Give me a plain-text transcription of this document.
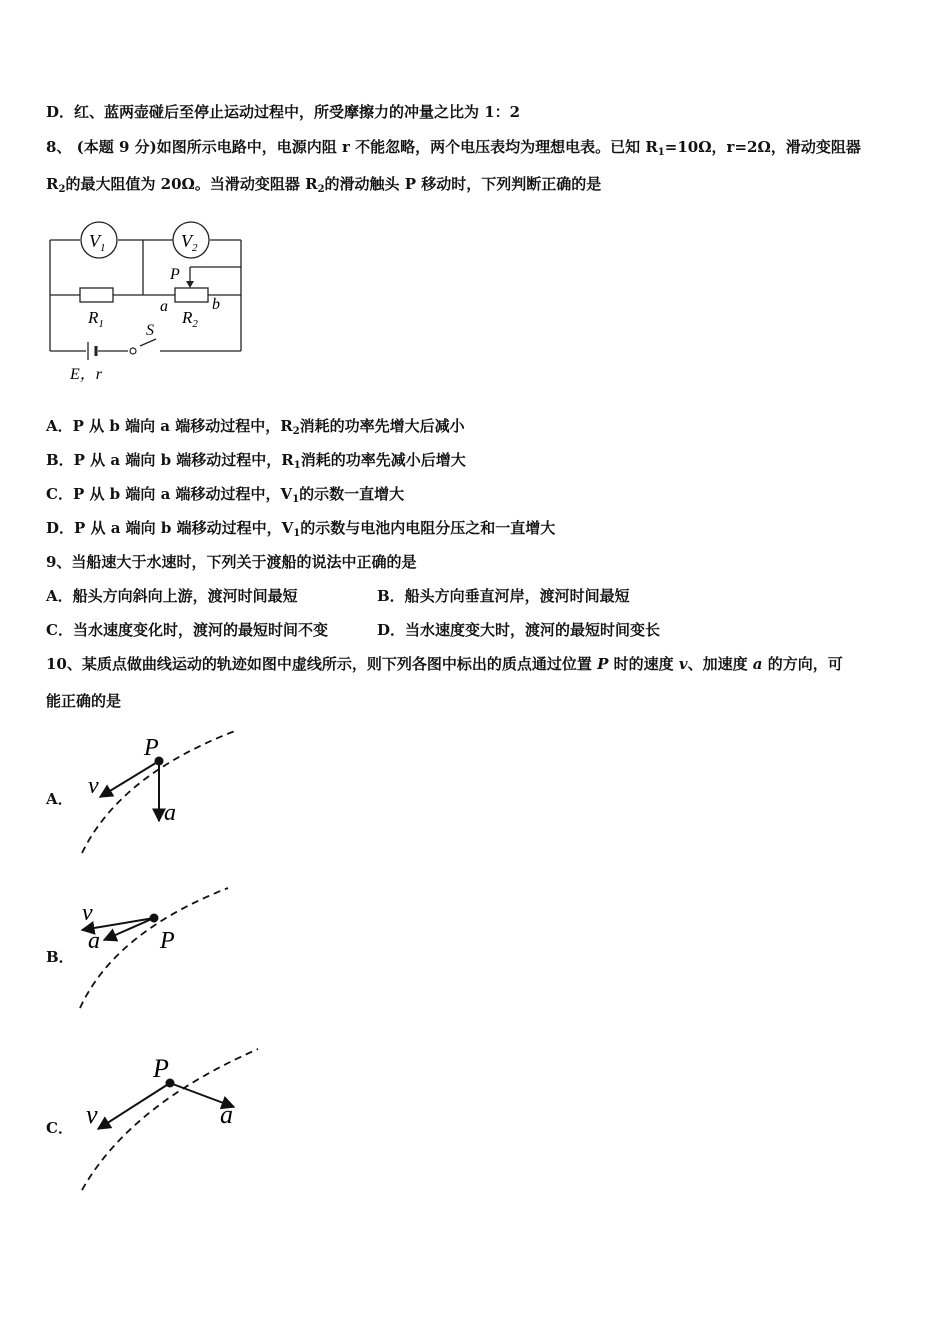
D．红、蓝两壶碰后至停止运动过程中，所受摩擦力的冲量之比为 1：2
8、 (本题 9 分)如图所示电路中，电源内阻 r 不能忽略，两个电压表均为理想电表。已知 $R_1=10\Omega$，r=2Ω，滑动变阻器
$R_2$的最大阻值为 20Ω。当滑动变阻器 $R_2$的滑动触头 P 移动时，下列判断正确的是
$V_1$	$V_2$
P
a	b
$R_1$	$R_2$
S
E，r
A．P 从 b 端向 a 端移动过程中，$R_2$消耗的功率先增大后减小
B．P 从 a 端向 b 端移动过程中，$R_1$消耗的功率先减小后增大
C．P 从 b 端向 a 端移动过程中，$V_1$的示数一直增大
D．P 从 a 端向 b 端移动过程中，$V_1$的示数与电池内电阻分压之和一直增大
9、当船速大于水速时，下列关于渡船的说法中正确的是
A．船头方向斜向上游，渡河时间最短	B．船头方向垂直河岸，渡河时间最短
C．当水速度变化时，渡河的最短时间不变	D．当水速度变大时，渡河的最短时间变长
10、某质点做曲线运动的轨迹如图中虚线所示，则下列各图中标出的质点通过位置 P 时的速度 v、加速度 a 的方向，可
能正确的是
A．
P
v
a
B．
v
a	P
C．
P
v	a
